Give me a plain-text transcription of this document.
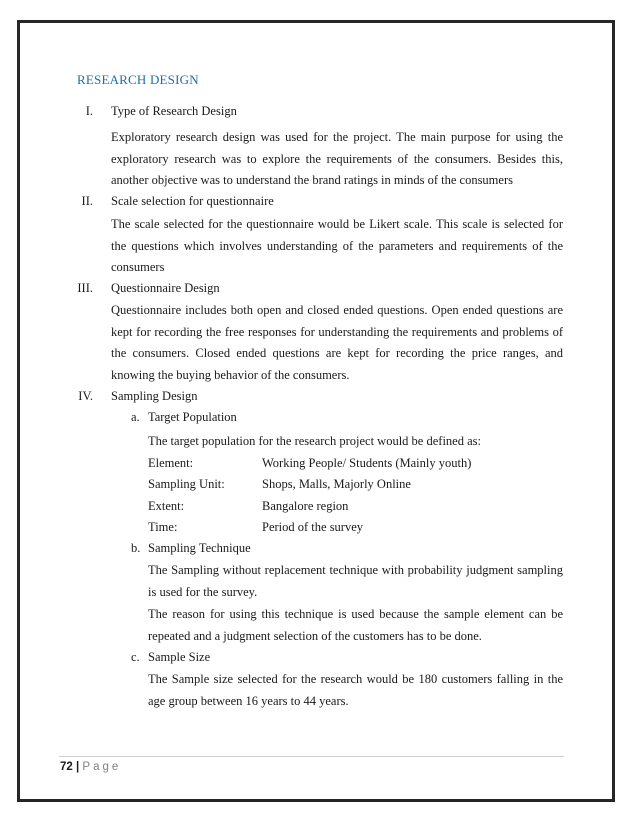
RESEARCH DESIGN
I. Type of Research Design
Exploratory research design was used for the project. The main purpose for using the
exploratory research was to explore the requirements of the consumers. Besides this,
another objective was to understand the brand ratings in minds of the consumers
II. Scale selection for questionnaire
The scale selected for the questionnaire would be Likert scale. This scale is selected for
the questions which involves understanding of the parameters and requirements of the
consumers
III. Questionnaire Design
Questionnaire includes both open and closed ended questions. Open ended questions are
kept for recording the free responses for understanding the requirements and problems of
the consumers. Closed ended questions are kept for recording the price ranges, and
knowing the buying behavior of the consumers.
IV. Sampling Design
a. Target Population
The target population for the research project would be defined as:
Element:	Working People/ Students (Mainly youth)
Sampling Unit:	Shops, Malls, Majorly Online
Extent:	Bangalore region
Time:	Period of the survey
b. Sampling Technique
The Sampling without replacement technique with probability judgment sampling
is used for the survey.
The reason for using this technique is used because the sample element can be
repeated and a judgment selection of the customers has to be done.
c. Sample Size
The Sample size selected for the research would be 180 customers falling in the
age group between 16 years to 44 years.
72 | Page
